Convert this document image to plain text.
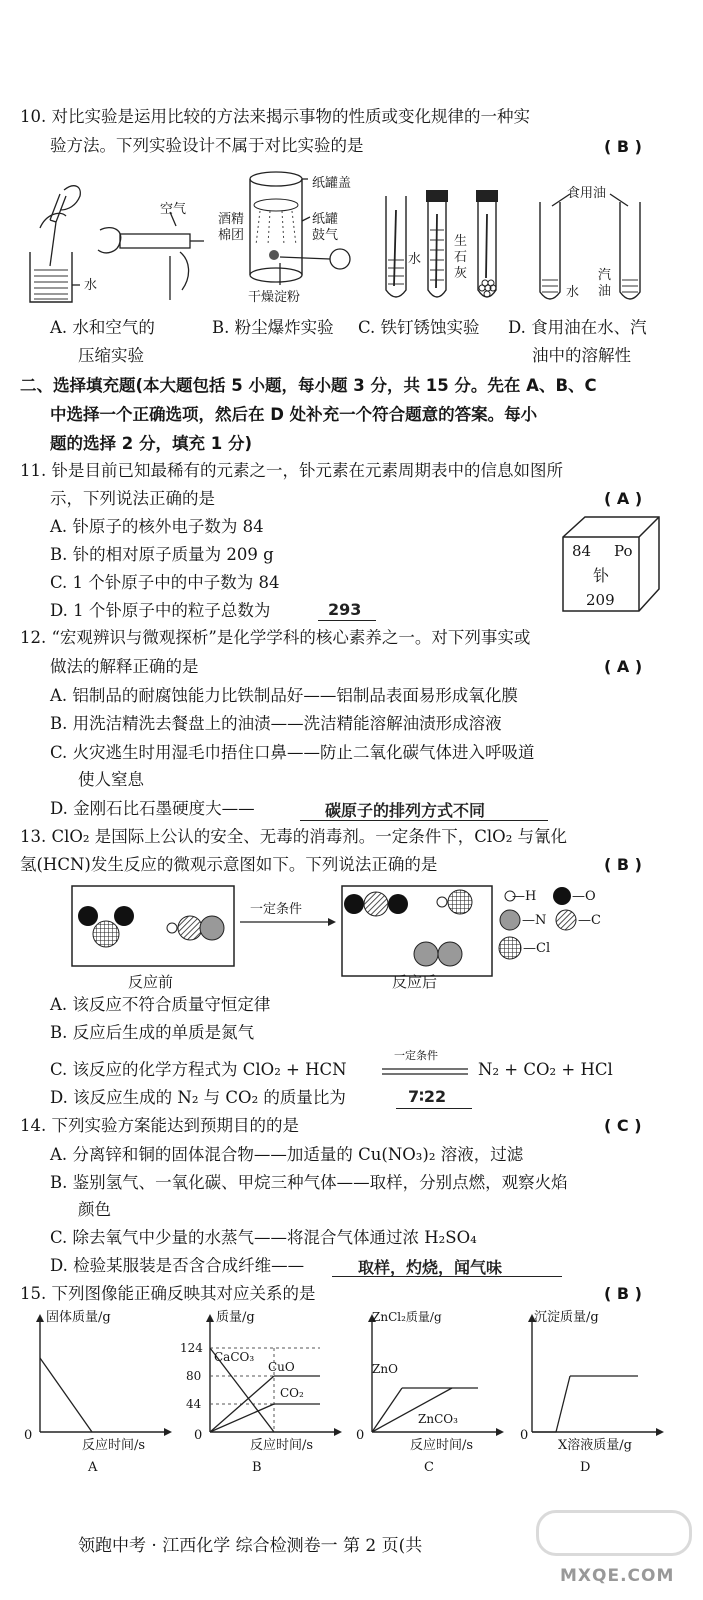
10. 对比实验是运用比较的方法来揭示事物的性质或变化规律的一种实
验方法。下列实验设计不属于对比实验的是	( B )
空气
水
纸罐盖
酒精
棉团
纸罐
鼓气
干燥淀粉
水
生
石
灰
食用油
水
汽
油
A. 水和空气的
压缩实验
B. 粉尘爆炸实验 C. 铁钉锈蚀实验 D. 食用油在水、汽
油中的溶解性
二、选择填充题(本大题包括 5 小题，每小题 3 分，共 15 分。先在 A、B、C
中选择一个正确选项，然后在 D 处补充一个符合题意的答案。每小
题的选择 2 分，填充 1 分)
11. 钋是目前已知最稀有的元素之一，钋元素在元素周期表中的信息如图所
示，下列说法正确的是	( A )
A. 钋原子的核外电子数为 84
B. 钋的相对原子质量为 209 g
C. 1 个钋原子中的中子数为 84
D. 1 个钋原子中的粒子总数为	293
84 Po
钋
209
12. “宏观辨识与微观探析”是化学学科的核心素养之一。对下列事实或
做法的解释正确的是	( A )
A. 铝制品的耐腐蚀能力比铁制品好——铝制品表面易形成氧化膜
B. 用洗洁精洗去餐盘上的油渍——洗洁精能溶解油渍形成溶液
C. 火灾逃生时用湿毛巾捂住口鼻——防止二氧化碳气体进入呼吸道
使人窒息
D. 金刚石比石墨硬度大——	碳原子的排列方式不同
13. ClO₂ 是国际上公认的安全、无毒的消毒剂。一定条件下，ClO₂ 与氰化
氢(HCN)发生反应的微观示意图如下。下列说法正确的是	( B )
一定条件
—H	—O
—N —C
—Cl
反应前	反应后
A. 该反应不符合质量守恒定律
B. 反应后生成的单质是氮气
C. 该反应的化学方程式为 ClO₂ + HCN
一定条件
N₂ + CO₂ + HCl
D. 该反应生成的 N₂ 与 CO₂ 的质量比为	7∶22
14. 下列实验方案能达到预期目的的是	( C )
A. 分离锌和铜的固体混合物——加适量的 Cu(NO₃)₂ 溶液，过滤
B. 鉴别氢气、一氧化碳、甲烷三种气体——取样，分别点燃，观察火焰
颜色
C. 除去氧气中少量的水蒸气——将混合气体通过浓 H₂SO₄
D. 检验某服装是否含合成纤维——	取样，灼烧，闻气味
15. 下列图像能正确反映其对应关系的是	( B )
固体质量/g
0
反应时间/s
A
质量/g
124
80
44
CaCO₃
CuO
CO₂
0
反应时间/s
B
ZnCl₂质量/g
ZnO
ZnCO₃
0
反应时间/s
C
沉淀质量/g
0
X溶液质量/g
D
领跑中考 · 江西化学 综合检测卷一 第 2 页(共
MXQE.COM
